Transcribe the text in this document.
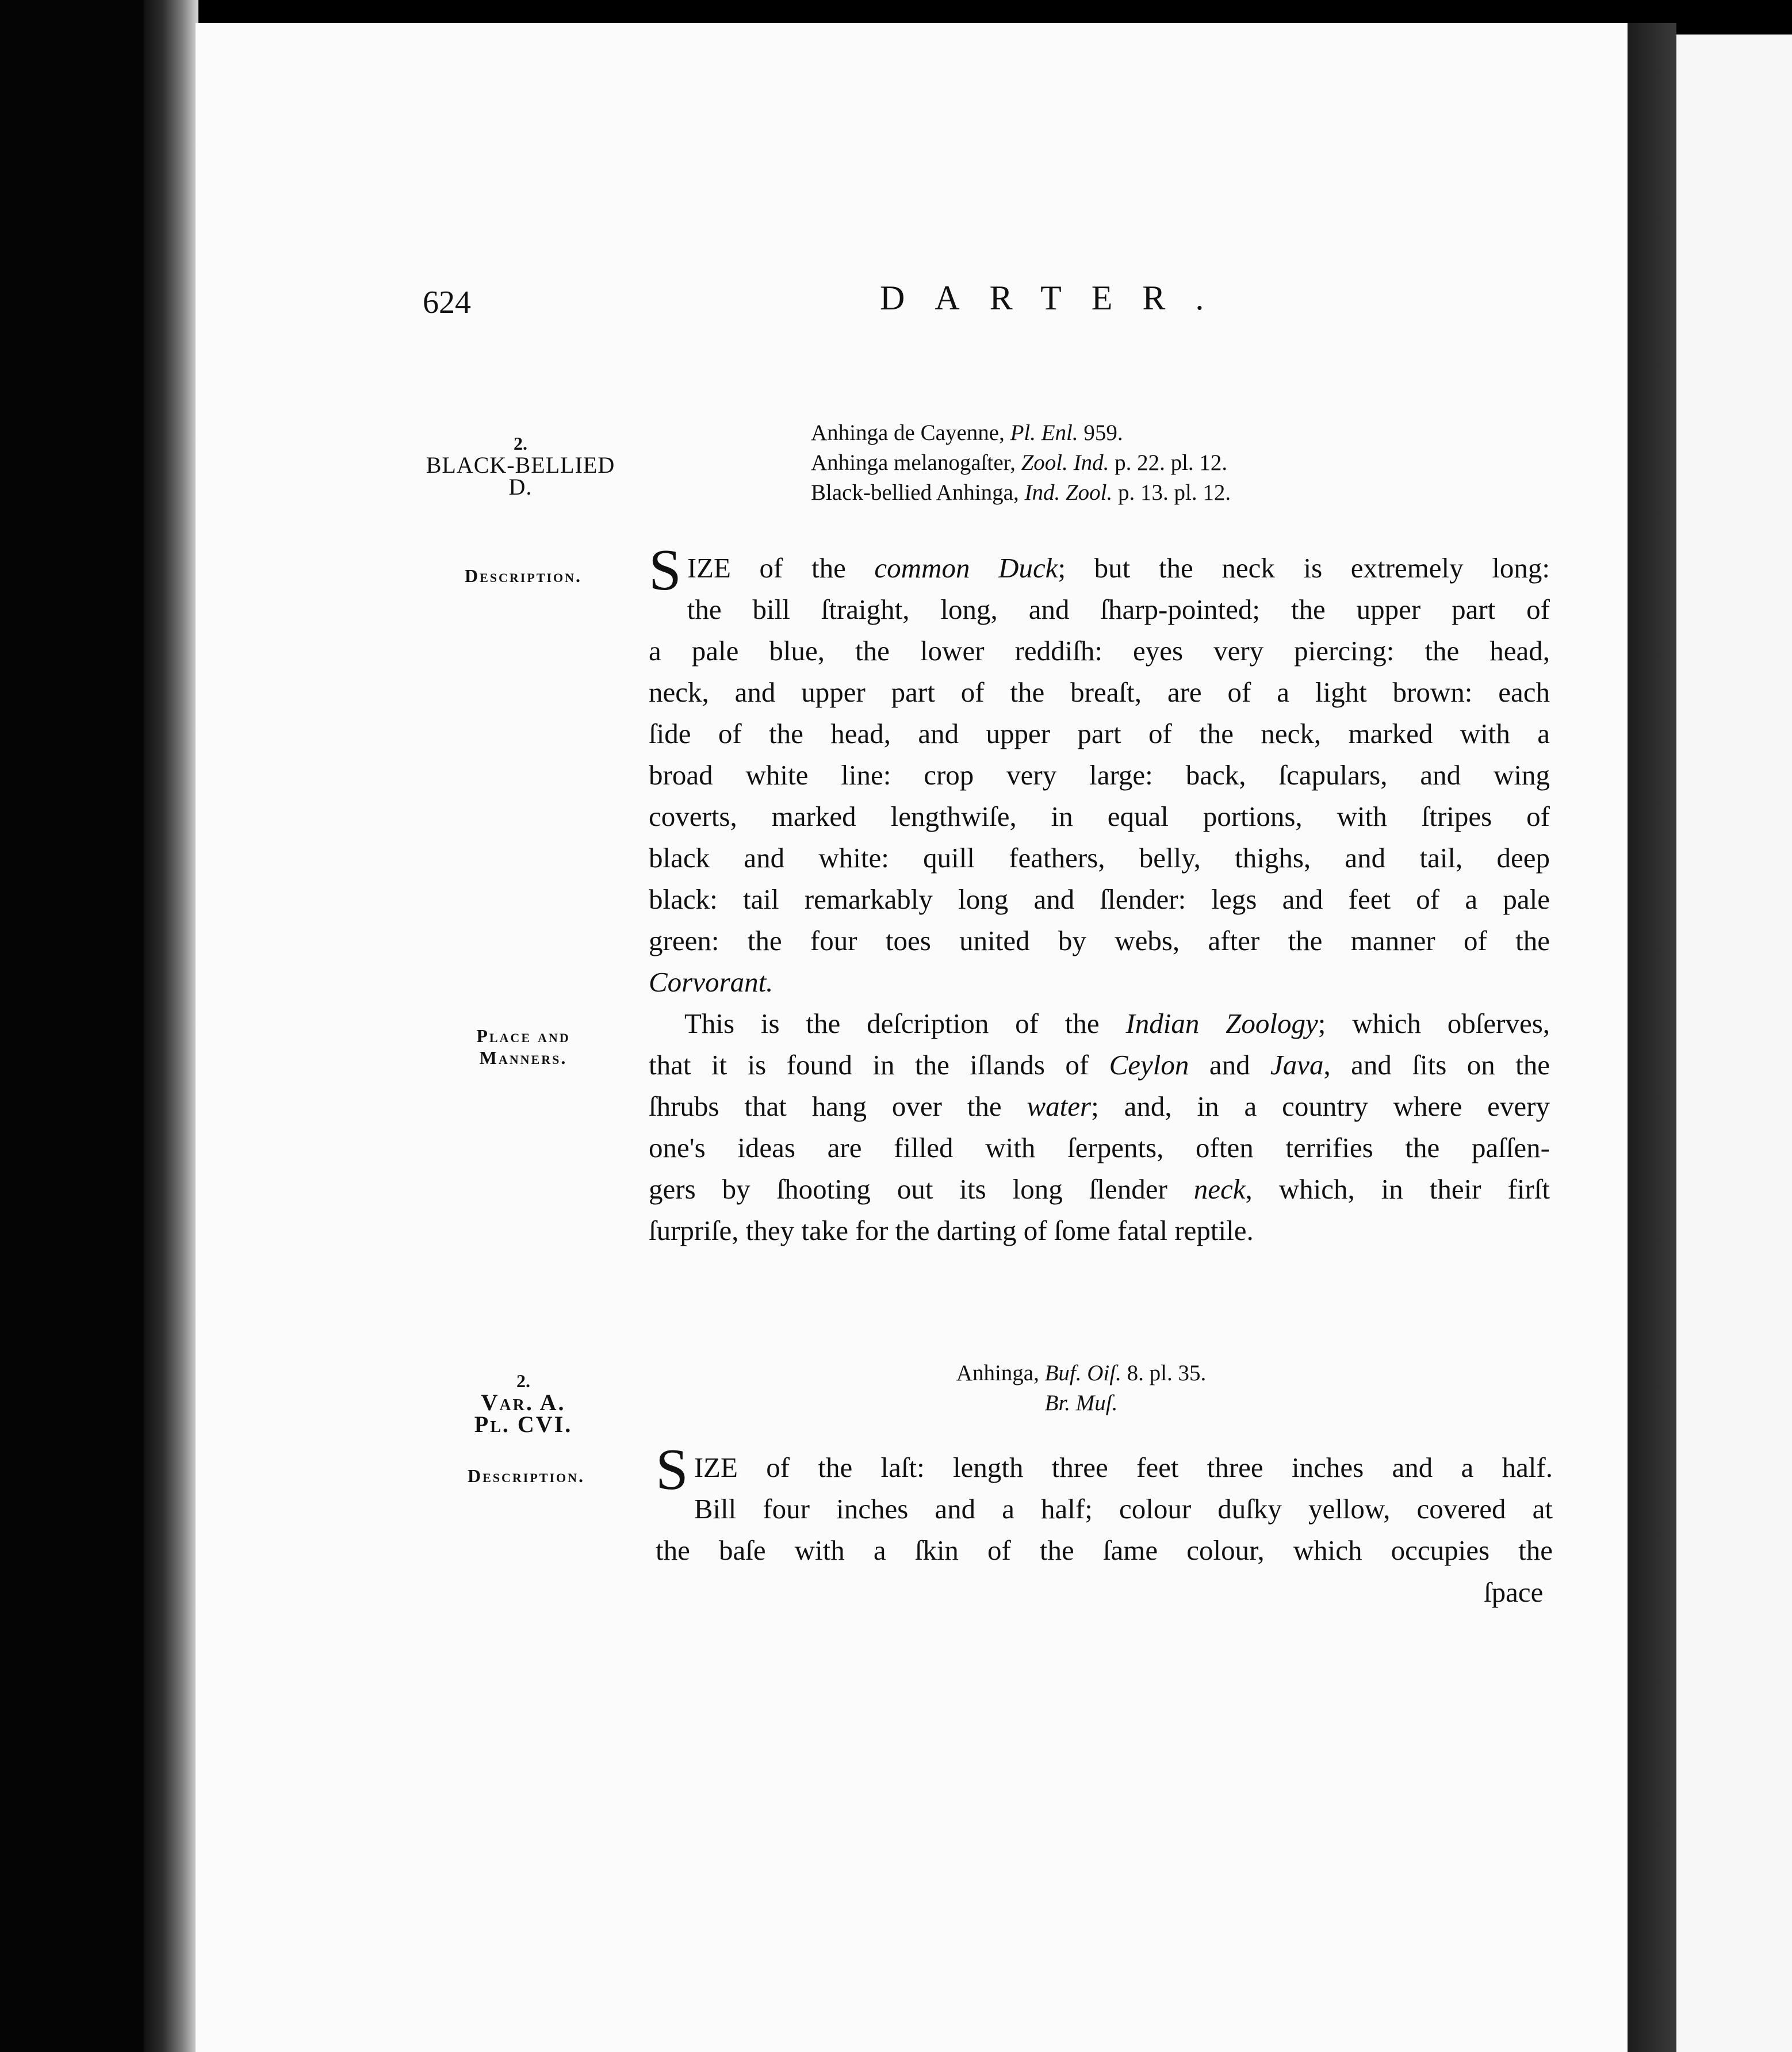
624	DARTER.
2.
BLACK-BELLIED
D.
Anhinga de Cayenne, Pl. Enl. 959.
Anhinga melanogaſter, Zool. Ind. p. 22. pl. 12.
Black-bellied Anhinga, Ind. Zool. p. 13. pl. 12.
Description.	S IZE of the common Duck; but the neck is extremely long:
the bill ſtraight, long, and ſharp-pointed; the upper part of
a pale blue, the lower reddiſh: eyes very piercing: the head,
neck, and upper part of the breaſt, are of a light brown: each
ſide of the head, and upper part of the neck, marked with a
broad white line: crop very large: back, ſcapulars, and wing
coverts, marked lengthwiſe, in equal portions, with ſtripes of
black and white: quill feathers, belly, thighs, and tail, deep
black: tail remarkably long and ſlender: legs and feet of a pale
green: the four toes united by webs, after the manner of the
Corvorant.
This is the deſcription of the Indian Zoology; which obſerves,
that it is found in the iſlands of Ceylon and Java, and ſits on the
ſhrubs that hang over the water; and, in a country where every
one's ideas are filled with ſerpents, often terrifies the paſſen-
gers by ſhooting out its long ſlender neck, which, in their firſt
ſurpriſe, they take for the darting of ſome fatal reptile.
Place and
Manners.
2.
Var. A.
Pl. CVI.
Anhinga, Buf. Oiſ. 8. pl. 35.
Br. Muſ.
Description.	S IZE of the laſt: length three feet three inches and a half.
Bill four inches and a half; colour duſky yellow, covered at
the baſe with a ſkin of the ſame colour, which occupies the
ſpace
